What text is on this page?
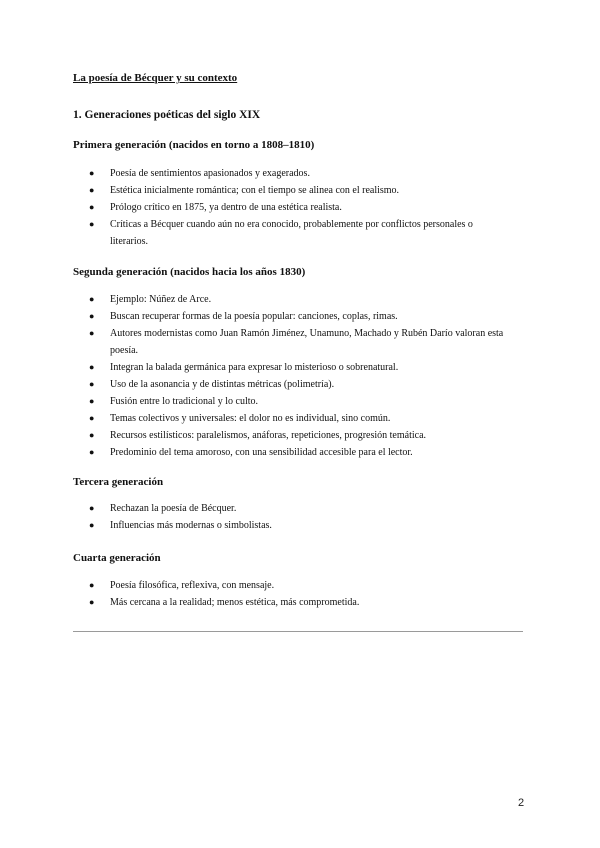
La poesía de Bécquer y su contexto

1. Generaciones poéticas del siglo XIX

Primera generación (nacidos en torno a 1808–1810)

● Poesía de sentimientos apasionados y exagerados.
● Estética inicialmente romántica; con el tiempo se alinea con el realismo.
● Prólogo crítico en 1875, ya dentro de una estética realista.
● Críticas a Bécquer cuando aún no era conocido, probablemente por conflictos personales o literarios.

Segunda generación (nacidos hacia los años 1830)

● Ejemplo: Núñez de Arce.
● Buscan recuperar formas de la poesía popular: canciones, coplas, rimas.
● Autores modernistas como Juan Ramón Jiménez, Unamuno, Machado y Rubén Darío valoran esta poesía.
● Integran la balada germánica para expresar lo misterioso o sobrenatural.
● Uso de la asonancia y de distintas métricas (polimetría).
● Fusión entre lo tradicional y lo culto.
● Temas colectivos y universales: el dolor no es individual, sino común.
● Recursos estilísticos: paralelismos, anáforas, repeticiones, progresión temática.
● Predominio del tema amoroso, con una sensibilidad accesible para el lector.

Tercera generación

● Rechazan la poesía de Bécquer.
● Influencias más modernas o simbolistas.

Cuarta generación

● Poesía filosófica, reflexiva, con mensaje.
● Más cercana a la realidad; menos estética, más comprometida.
2
